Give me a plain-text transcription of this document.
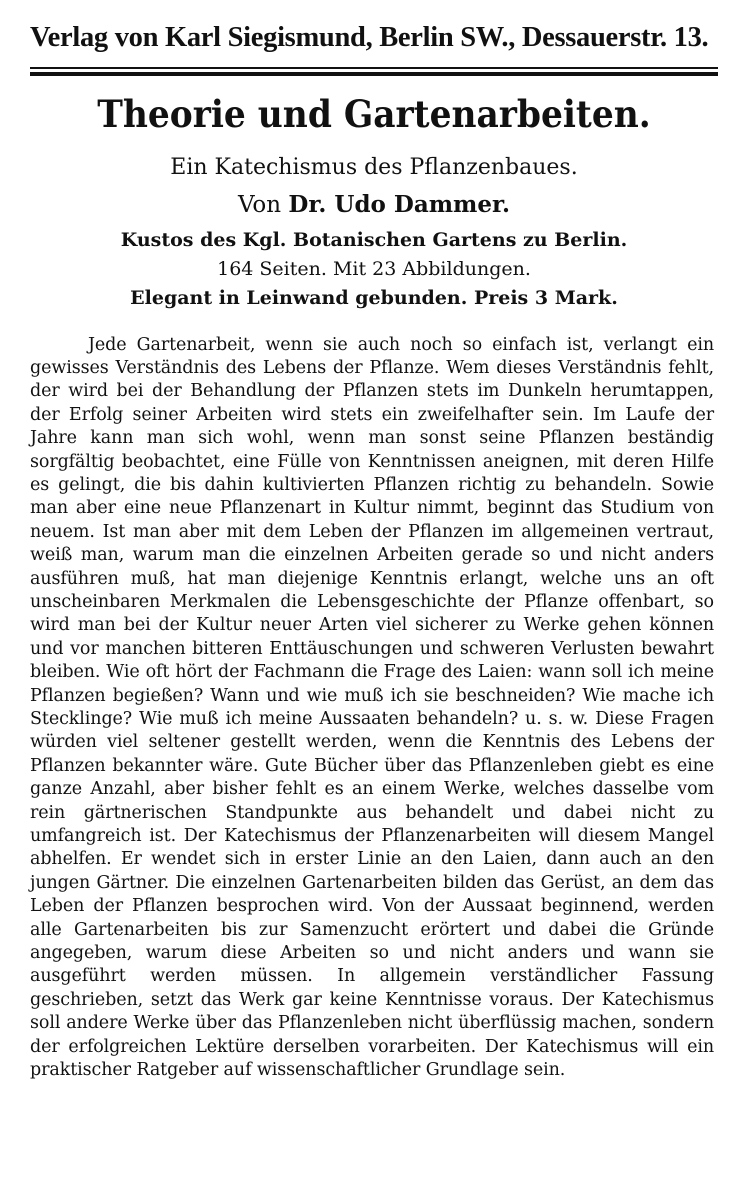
Verlag von Karl Siegismund, Berlin SW., Dessauerstr. 13.
Theorie und Gartenarbeiten.
Ein Katechismus des Pflanzenbaues.
Von Dr. Udo Dammer.
Kustos des Kgl. Botanischen Gartens zu Berlin.
164 Seiten. Mit 23 Abbildungen.
Elegant in Leinwand gebunden. Preis 3 Mark.

Jede Gartenarbeit, wenn sie auch noch so einfach ist, verlangt ein gewisses Verständnis des Lebens der Pflanze. Wem dieses Verständnis fehlt, der wird bei der Behandlung der Pflanzen stets im Dunkeln herumtappen, der Erfolg seiner Arbeiten wird stets ein zweifelhafter sein. Im Laufe der Jahre kann man sich wohl, wenn man sonst seine Pflanzen beständig sorgfältig beobachtet, eine Fülle von Kenntnissen aneignen, mit deren Hilfe es gelingt, die bis dahin kultivierten Pflanzen richtig zu behandeln. Sowie man aber eine neue Pflanzenart in Kultur nimmt, beginnt das Studium von neuem. Ist man aber mit dem Leben der Pflanzen im allgemeinen vertraut, weiß man, warum man die einzelnen Arbeiten gerade so und nicht anders ausführen muß, hat man diejenige Kenntnis erlangt, welche uns an oft unscheinbaren Merkmalen die Lebensgeschichte der Pflanze offenbart, so wird man bei der Kultur neuer Arten viel sicherer zu Werke gehen können und vor manchen bitteren Enttäuschungen und schweren Verlusten bewahrt bleiben. Wie oft hört der Fachmann die Frage des Laien: wann soll ich meine Pflanzen begießen? Wann und wie muß ich sie beschneiden? Wie mache ich Stecklinge? Wie muß ich meine Aussaaten behandeln? u. s. w. Diese Fragen würden viel seltener gestellt werden, wenn die Kenntnis des Lebens der Pflanzen bekannter wäre. Gute Bücher über das Pflanzenleben giebt es eine ganze Anzahl, aber bisher fehlt es an einem Werke, welches dasselbe vom rein gärtnerischen Standpunkte aus behandelt und dabei nicht zu umfangreich ist. Der Katechismus der Pflanzenarbeiten will diesem Mangel abhelfen. Er wendet sich in erster Linie an den Laien, dann auch an den jungen Gärtner. Die einzelnen Gartenarbeiten bilden das Gerüst, an dem das Leben der Pflanzen besprochen wird. Von der Aussaat beginnend, werden alle Gartenarbeiten bis zur Samenzucht erörtert und dabei die Gründe angegeben, warum diese Arbeiten so und nicht anders und wann sie ausgeführt werden müssen. In allgemein verständlicher Fassung geschrieben, setzt das Werk gar keine Kenntnisse voraus. Der Katechismus soll andere Werke über das Pflanzenleben nicht überflüssig machen, sondern der erfolgreichen Lektüre derselben vorarbeiten. Der Katechismus will ein praktischer Ratgeber auf wissenschaftlicher Grundlage sein.
